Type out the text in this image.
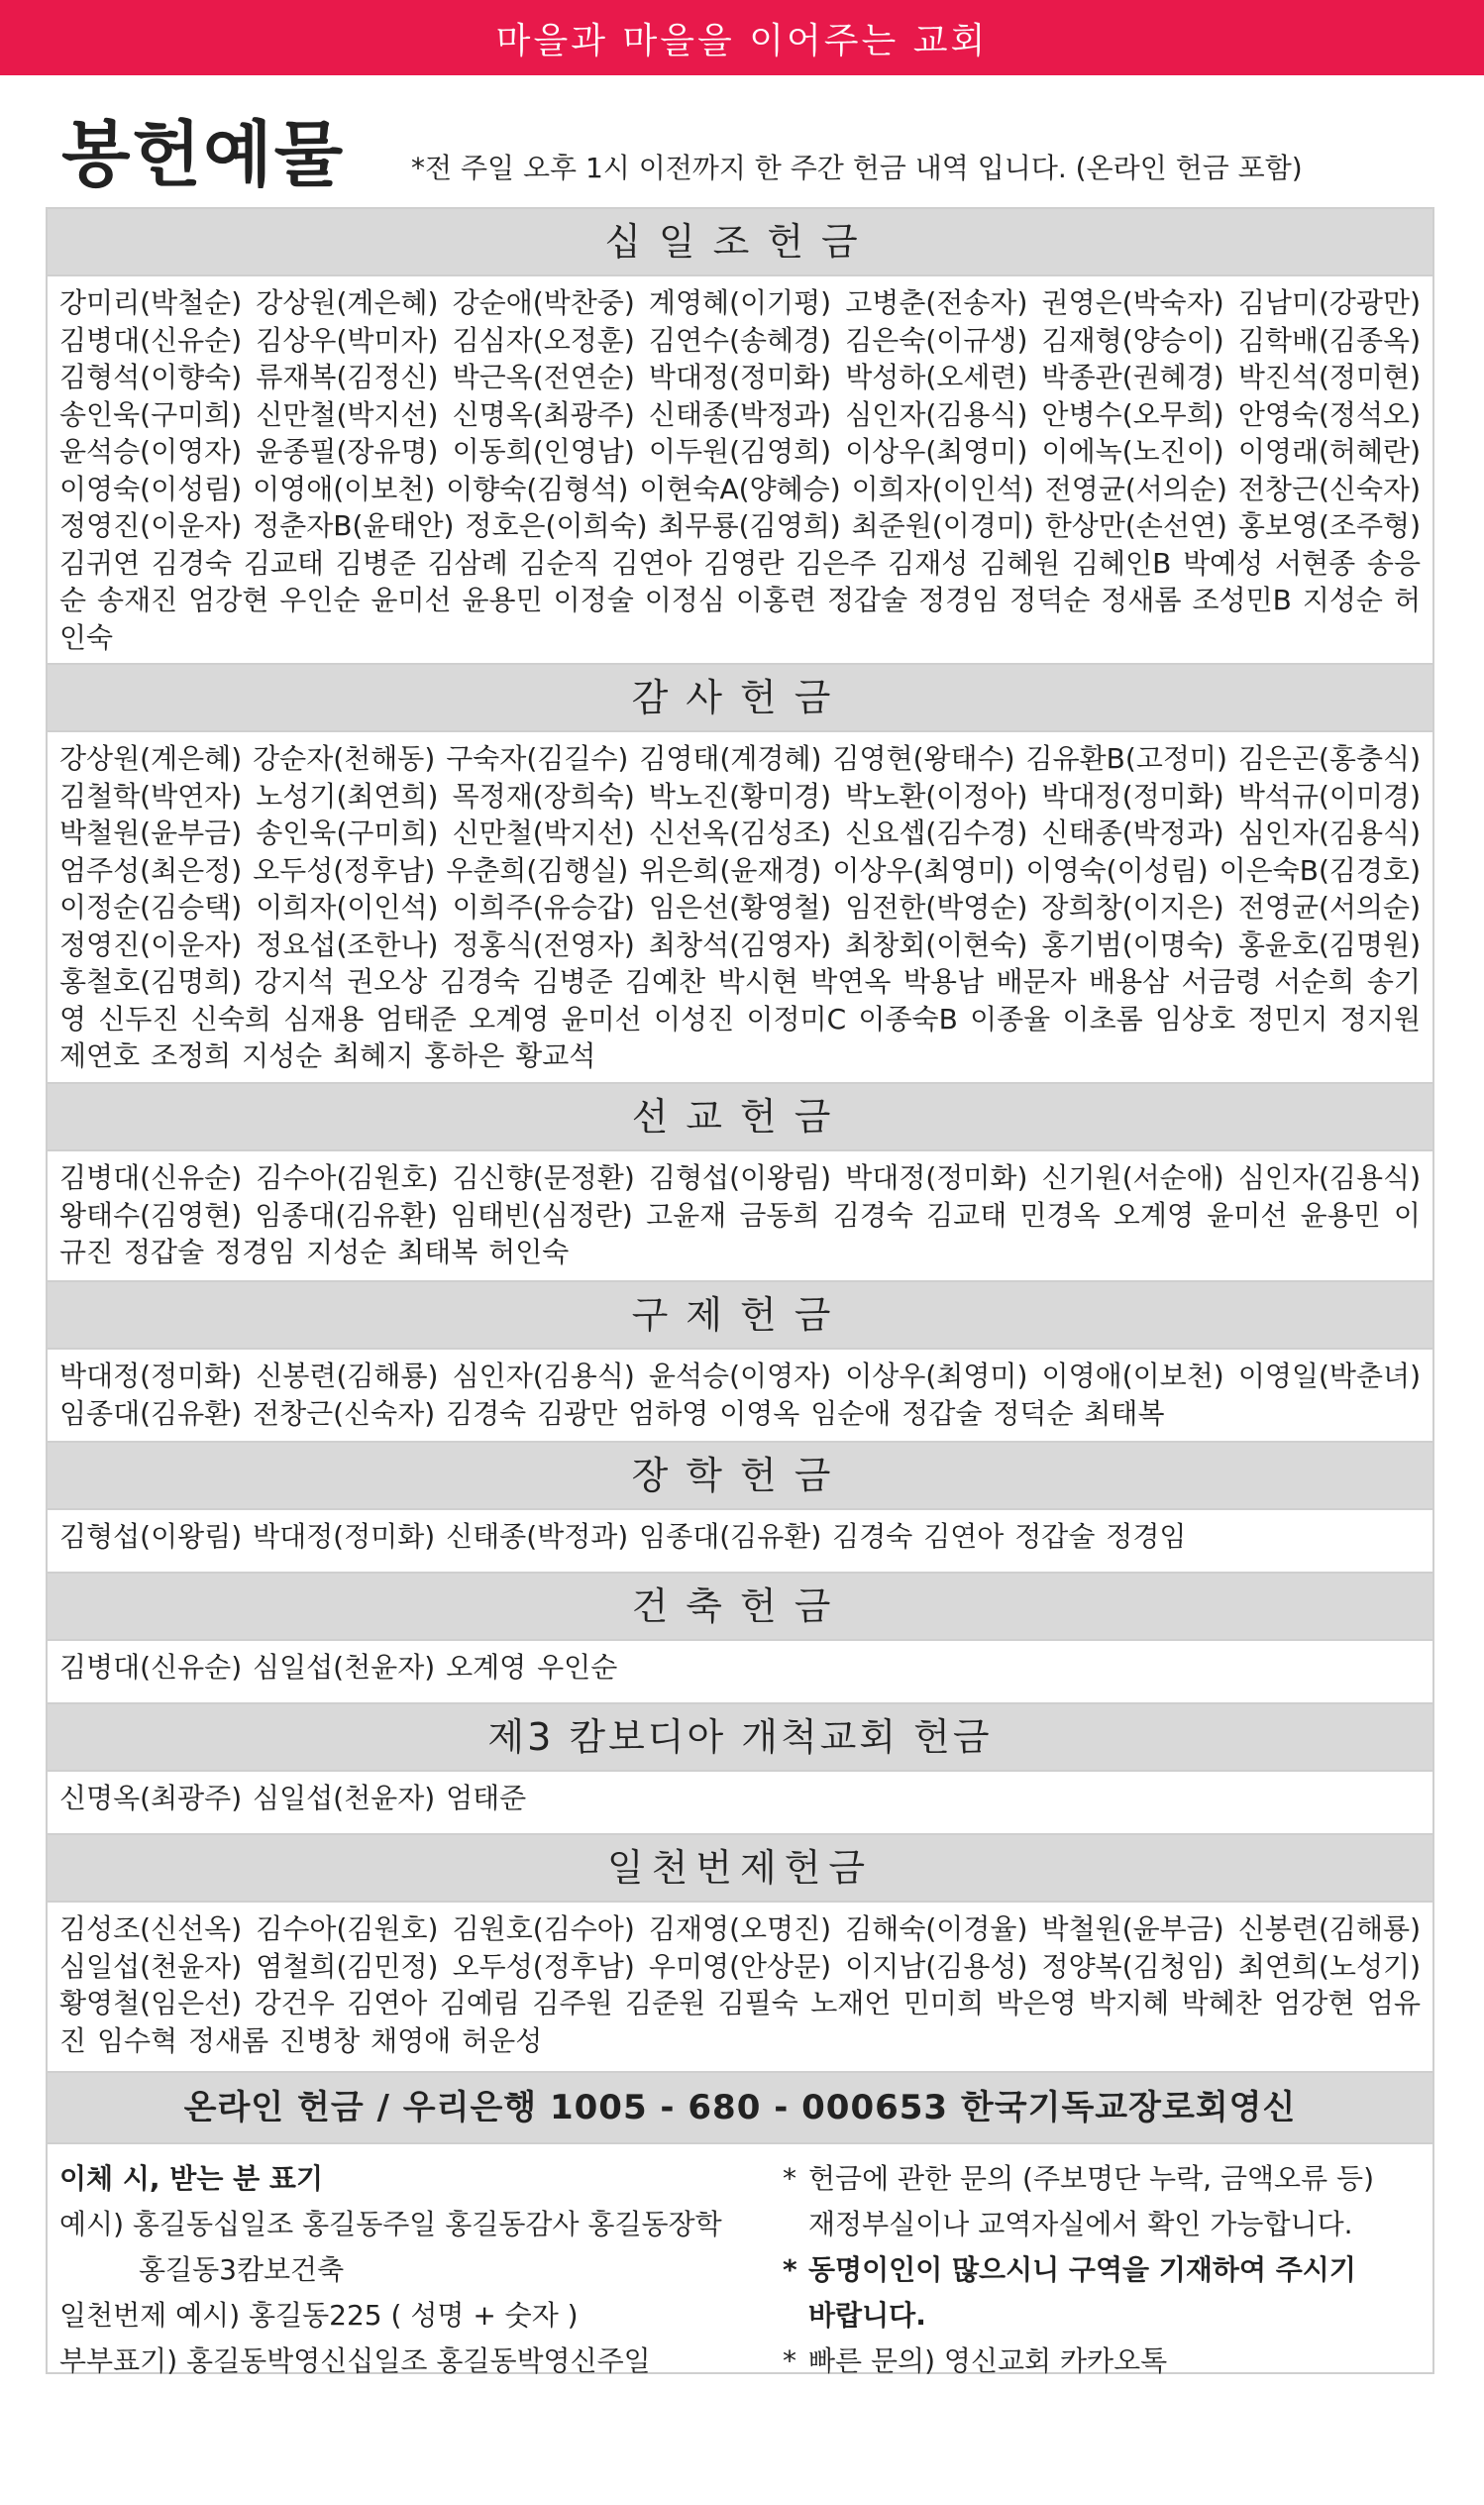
마을과 마을을 이어주는 교회
봉헌예물 *전 주일 오후 1시 이전까지 한 주간 헌금 내역 입니다. (온라인 헌금 포함)
십일조헌금
강미리(박철순) 강상원(계은혜) 강순애(박찬중) 계영혜(이기평) 고병춘(전송자) 권영은(박숙자) 김남미(강광만) 김병대(신유순) 김상우(박미자) 김심자(오정훈) 김연수(송혜경) 김은숙(이규생) 김재형(양승이) 김학배(김종옥) 김형석(이향숙) 류재복(김정신) 박근옥(전연순) 박대정(정미화) 박성하(오세련) 박종관(권혜경) 박진석(정미현) 송인욱(구미희) 신만철(박지선) 신명옥(최광주) 신태종(박정과) 심인자(김용식) 안병수(오무희) 안영숙(정석오) 윤석승(이영자) 윤종필(장유명) 이동희(인영남) 이두원(김영희) 이상우(최영미) 이에녹(노진이) 이영래(허혜란) 이영숙(이성림) 이영애(이보천) 이향숙(김형석) 이현숙A(양혜승) 이희자(이인석) 전영균(서의순) 전창근(신숙자) 정영진(이운자) 정춘자B(윤태안) 정호은(이희숙) 최무룡(김영희) 최준원(이경미) 한상만(손선연) 홍보영(조주형) 김귀연 김경숙 김교태 김병준 김삼례 김순직 김연아 김영란 김은주 김재성 김혜원 김혜인B 박예성 서현종 송응순 송재진 엄강현 우인순 윤미선 윤용민 이정술 이정심 이홍련 정갑술 정경임 정덕순 정새롬 조성민B 지성순 허인숙
감사헌금
강상원(계은혜) 강순자(천해동) 구숙자(김길수) 김영태(계경혜) 김영현(왕태수) 김유환B(고정미) 김은곤(홍충식) 김철학(박연자) 노성기(최연희) 목정재(장희숙) 박노진(황미경) 박노환(이정아) 박대정(정미화) 박석규(이미경) 박철원(윤부금) 송인욱(구미희) 신만철(박지선) 신선옥(김성조) 신요셉(김수경) 신태종(박정과) 심인자(김용식) 엄주성(최은정) 오두성(정후남) 우춘희(김행실) 위은희(윤재경) 이상우(최영미) 이영숙(이성림) 이은숙B(김경호) 이정순(김승택) 이희자(이인석) 이희주(유승갑) 임은선(황영철) 임전한(박영순) 장희창(이지은) 전영균(서의순) 정영진(이운자) 정요섭(조한나) 정홍식(전영자) 최창석(김영자) 최창회(이현숙) 홍기범(이명숙) 홍윤호(김명원) 홍철호(김명희) 강지석 권오상 김경숙 김병준 김예찬 박시현 박연옥 박용남 배문자 배용삼 서금령 서순희 송기영 신두진 신숙희 심재용 엄태준 오계영 윤미선 이성진 이정미C 이종숙B 이종율 이초롬 임상호 정민지 정지원 제연호 조정희 지성순 최혜지 홍하은 황교석
선교헌금
김병대(신유순) 김수아(김원호) 김신향(문정환) 김형섭(이왕림) 박대정(정미화) 신기원(서순애) 심인자(김용식) 왕태수(김영현) 임종대(김유환) 임태빈(심정란) 고윤재 금동희 김경숙 김교태 민경옥 오계영 윤미선 윤용민 이규진 정갑술 정경임 지성순 최태복 허인숙
구제헌금
박대정(정미화) 신봉련(김해룡) 심인자(김용식) 윤석승(이영자) 이상우(최영미) 이영애(이보천) 이영일(박춘녀) 임종대(김유환) 전창근(신숙자) 김경숙 김광만 엄하영 이영옥 임순애 정갑술 정덕순 최태복
장학헌금
김형섭(이왕림) 박대정(정미화) 신태종(박정과) 임종대(김유환) 김경숙 김연아 정갑술 정경임
건축헌금
김병대(신유순) 심일섭(천윤자) 오계영 우인순
제3 캄보디아 개척교회 헌금
신명옥(최광주) 심일섭(천윤자) 엄태준
일천번제헌금
김성조(신선옥) 김수아(김원호) 김원호(김수아) 김재영(오명진) 김해숙(이경율) 박철원(윤부금) 신봉련(김해룡) 심일섭(천윤자) 염철희(김민정) 오두성(정후남) 우미영(안상문) 이지남(김용성) 정양복(김청임) 최연희(노성기) 황영철(임은선) 강건우 김연아 김예림 김주원 김준원 김필숙 노재언 민미희 박은영 박지혜 박혜찬 엄강현 엄유진 임수혁 정새롬 진병창 채영애 허운성
온라인 헌금 / 우리은행 1005 - 680 - 000653 한국기독교장로회영신
이체 시, 받는 분 표기
예시) 홍길동십일조 홍길동주일 홍길동감사 홍길동장학
홍길동3캄보건축
일천번제 예시) 홍길동225 ( 성명 + 숫자 )
부부표기) 홍길동박영신십일조 홍길동박영신주일
* 헌금에 관한 문의 (주보명단 누락, 금액오류 등)
재정부실이나 교역자실에서 확인 가능합니다.
* 동명이인이 많으시니 구역을 기재하여 주시기
바랍니다.
* 빠른 문의) 영신교회 카카오톡
